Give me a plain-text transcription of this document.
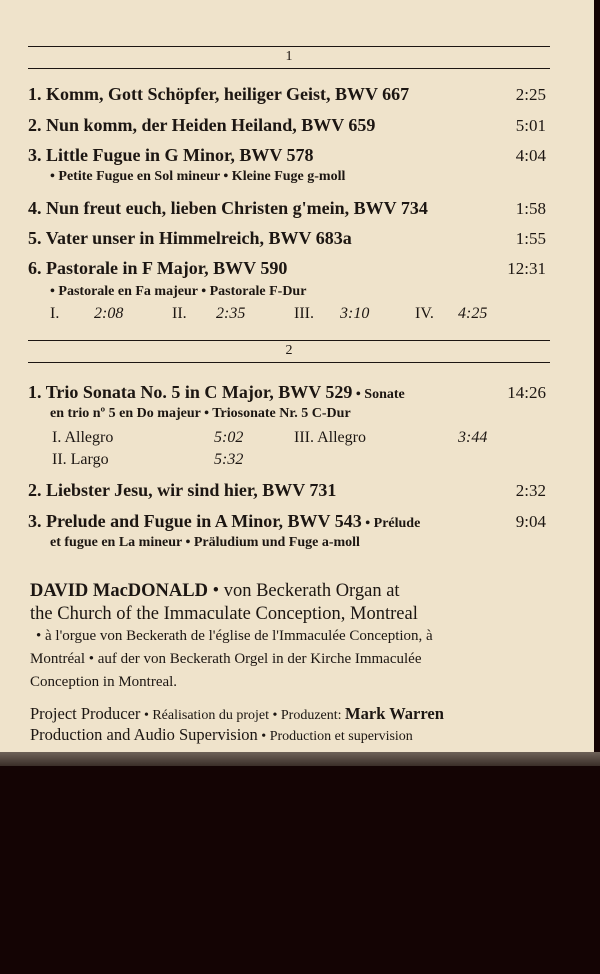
1
1. Komm, Gott Schöpfer, heiliger Geist, BWV 667	2:25
2. Nun komm, der Heiden Heiland, BWV 659	5:01
3. Little Fugue in G Minor, BWV 578	4:04
• Petite Fugue en Sol mineur • Kleine Fuge g-moll
4. Nun freut euch, lieben Christen g'mein, BWV 734	1:58
5. Vater unser in Himmelreich, BWV 683a	1:55
6. Pastorale in F Major, BWV 590	12:31
• Pastorale en Fa majeur • Pastorale F-Dur
I. 2:08	II. 2:35	III. 3:10	IV. 4:25
2
1. Trio Sonata No. 5 in C Major, BWV 529 • Sonate	14:26
en trio nº 5 en Do majeur • Triosonate Nr. 5 C-Dur
I. Allegro	5:02	III. Allegro	3:44
II. Largo	5:32
2. Liebster Jesu, wir sind hier, BWV 731	2:32
3. Prelude and Fugue in A Minor, BWV 543 • Prélude	9:04
et fugue en La mineur • Präludium und Fuge a-moll
DAVID MacDONALD • von Beckerath Organ at
the Church of the Immaculate Conception, Montreal
• à l'orgue von Beckerath de l'église de l'Immaculée Conception, à
Montréal • auf der von Beckerath Orgel in der Kirche Immaculée
Conception in Montreal.
Project Producer • Réalisation du projet • Produzent: Mark Warren
Production and Audio Supervision • Production et supervision
